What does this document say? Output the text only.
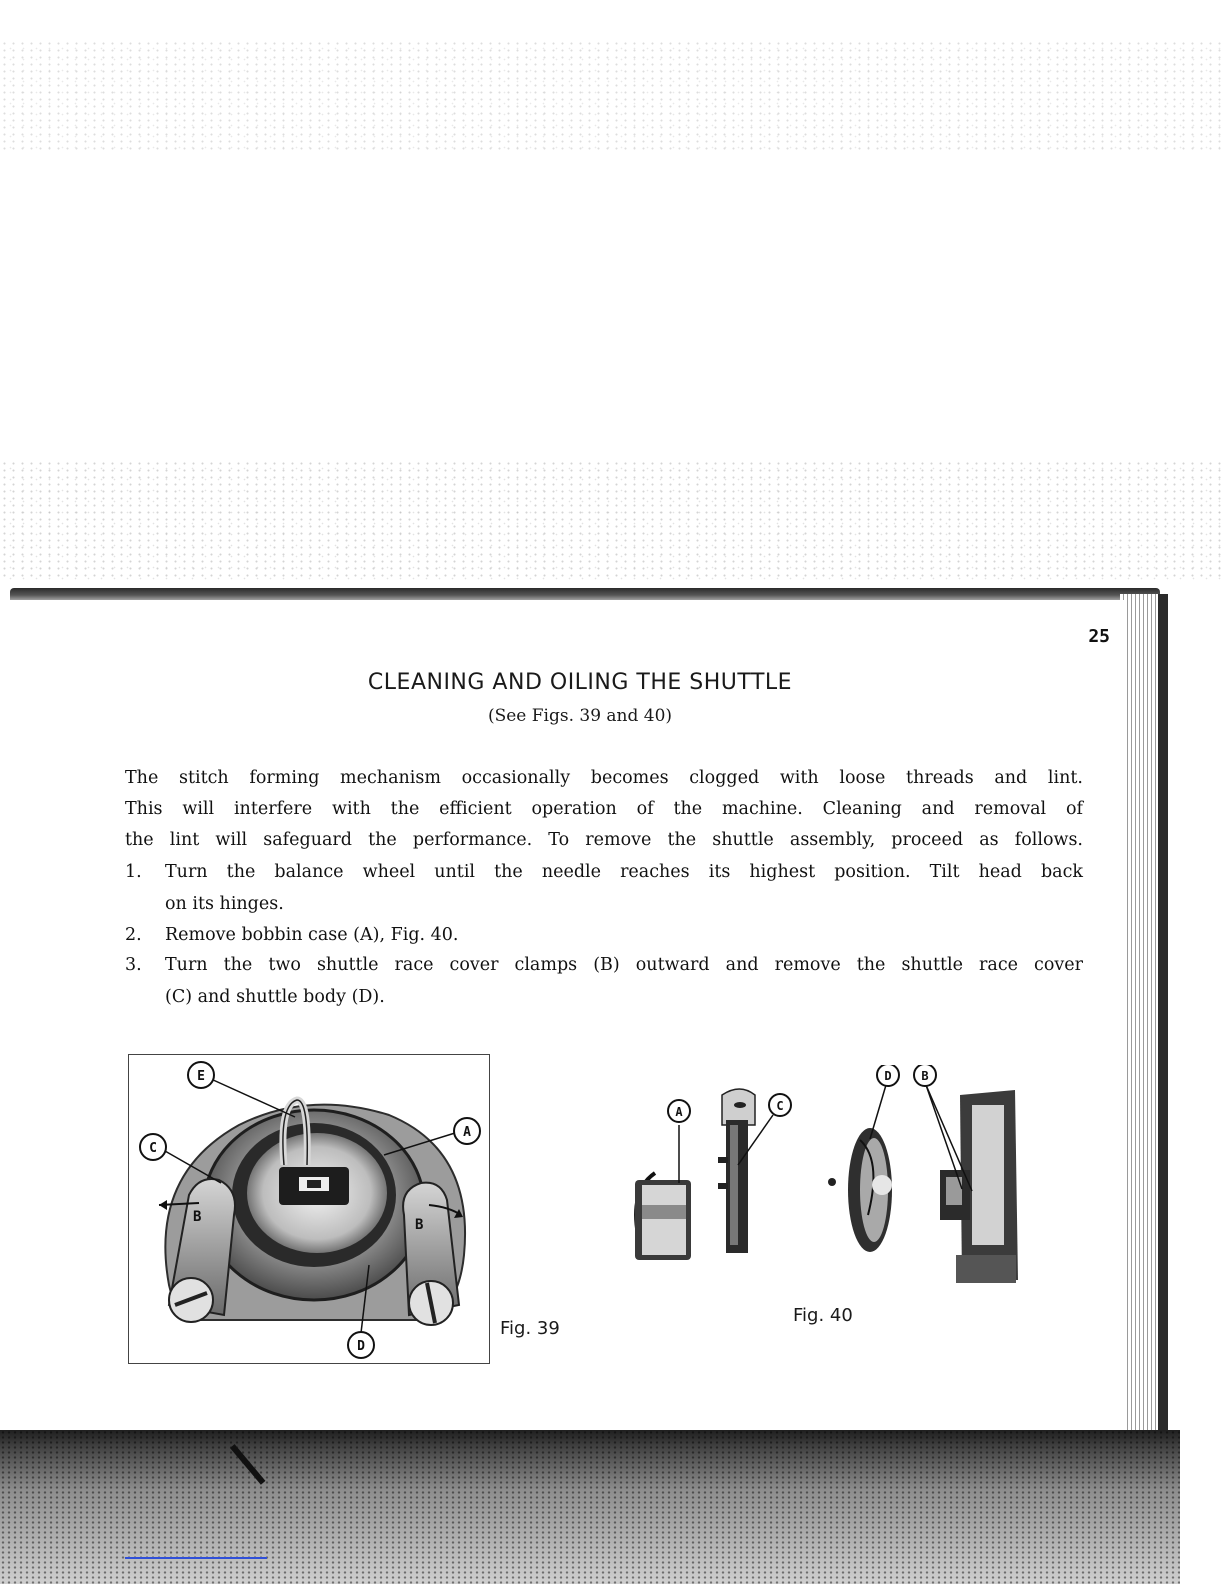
25
CLEANING AND OILING THE SHUTTLE
(See Figs. 39 and 40)
The stitch forming mechanism occasionally becomes clogged with loose threads and lint.
This will interfere with the efficient operation of the machine. Cleaning and removal of
the lint will safeguard the performance. To remove the shuttle assembly, proceed as follows.
1. Turn the balance wheel until the needle reaches its highest position. Tilt head back
on its hinges.
2. Remove bobbin case (A), Fig. 40.
3. Turn the two shuttle race cover clamps (B) outward and remove the shuttle race cover
(C) and shuttle body (D).
B	B
E
A
C
D
Fig. 39
A	C
D B
Fig. 40
